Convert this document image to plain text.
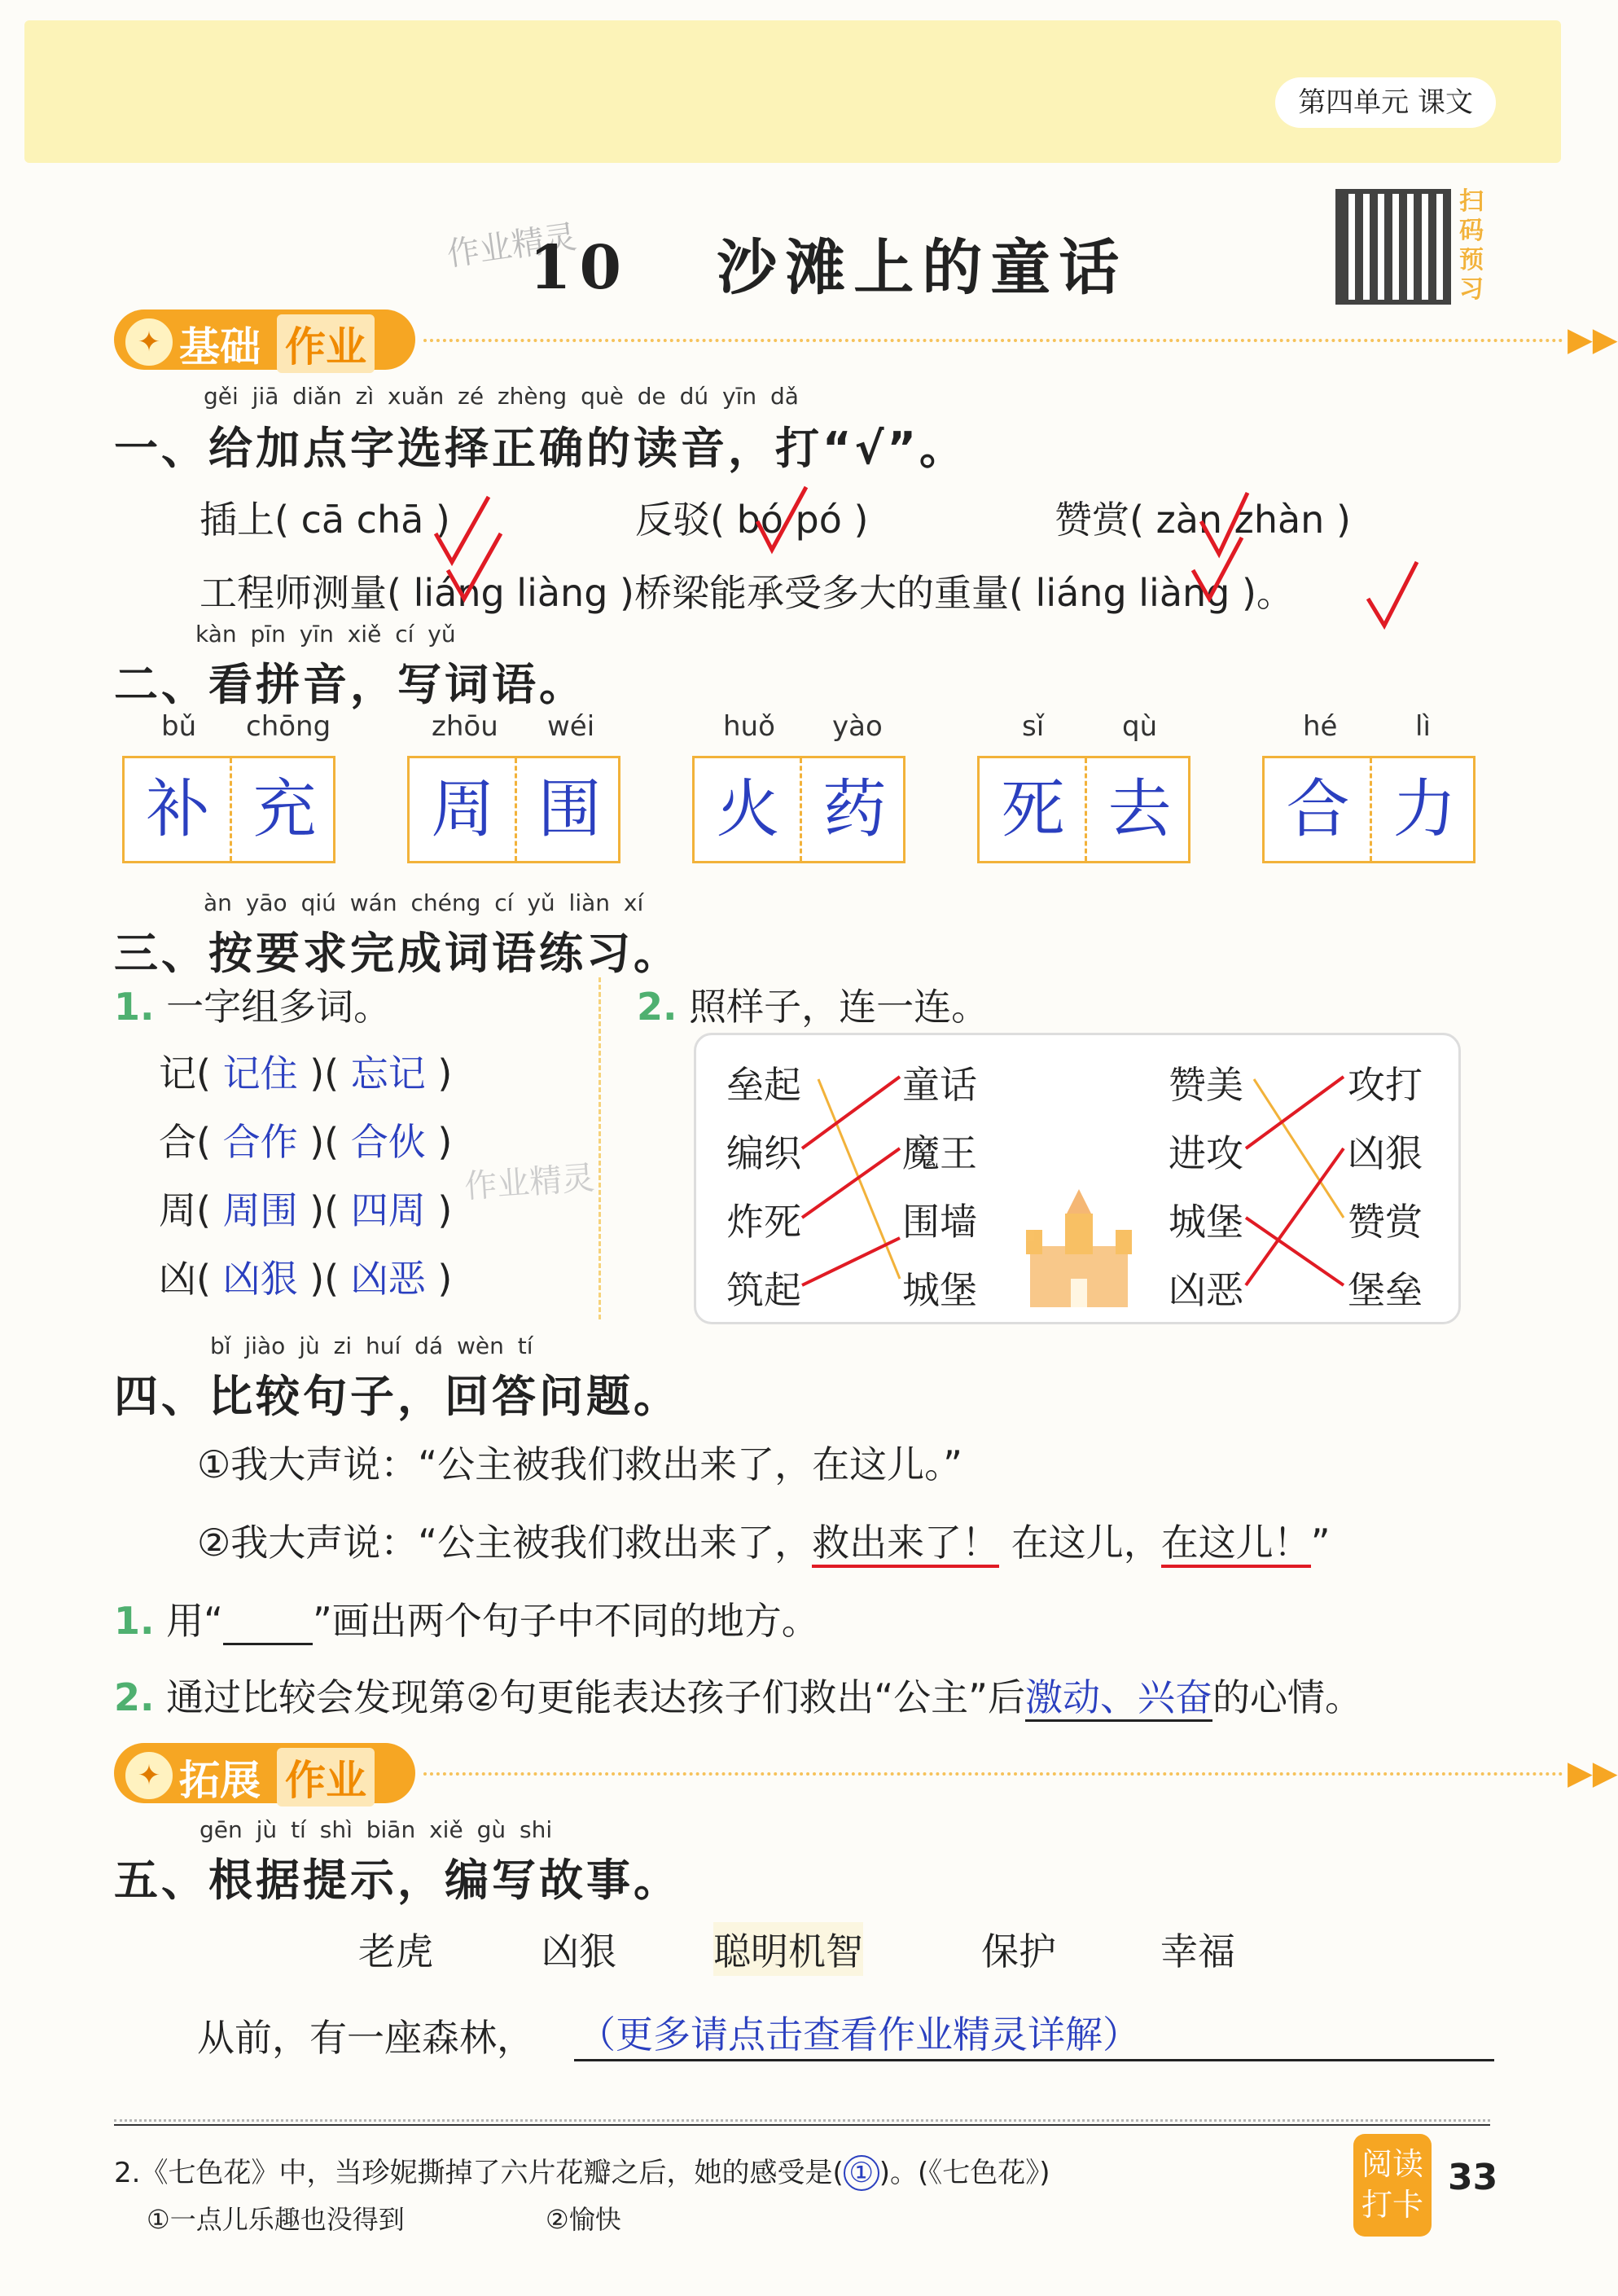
第四单元 课文
扫码预习
作业精灵
10 沙滩上的童话
✦ 基础 作业	▶▶
gěi jiā diǎn zì xuǎn zé zhèng què de dú yīn dǎ
一、给加点字选择正确的读音，打“√”。
插上( cā chā )	反驳( bó pó )	赞赏( zàn zhàn )
工程师测量( liáng liàng )桥梁能承受多大的重量( liáng liàng )。
kàn pīn yīn xiě cí yǔ
二、看拼音，写词语。
bǔ chōng
补 充
zhōu wéi
周 围
huǒ yào
火 药
sǐ	qù
死 去
hé	lì
合 力
àn yāo qiú wán chéng cí yǔ liàn xí
三、按要求完成词语练习。
1. 一字组多词。	2. 照样子，连一连。
记( 记住 )( 忘记 )
合( 合作 )( 合伙 )
周( 周围 )( 四周 )
凶( 凶狠 )( 凶恶 )
作业精灵
垒起
编织
炸死
筑起
童话
魔王
围墙
城堡
赞美
进攻
城堡
凶恶
攻打
凶狠
赞赏
堡垒
bǐ jiào jù zi huí dá wèn tí
四、比较句子，回答问题。
①我大声说：“公主被我们救出来了，在这儿。”
②我大声说：“公主被我们救出来了，救出来了！ 在这儿，在这儿！”
1. 用“ ”画出两个句子中不同的地方。
2. 通过比较会发现第②句更能表达孩子们救出“公主”后激动、兴奋的心情。
✦ 拓展 作业	▶▶
gēn jù tí shì biān xiě gù shi
五、根据提示，编写故事。
老虎	凶狠	聪明机智	保护	幸福
从前，有一座森林， （更多请点击查看作业精灵详解）
2.《七色花》中，当珍妮撕掉了六片花瓣之后，她的感受是( ① )。(《七色花》)
①一点儿乐趣也没得到	②愉快
阅读打卡
33
